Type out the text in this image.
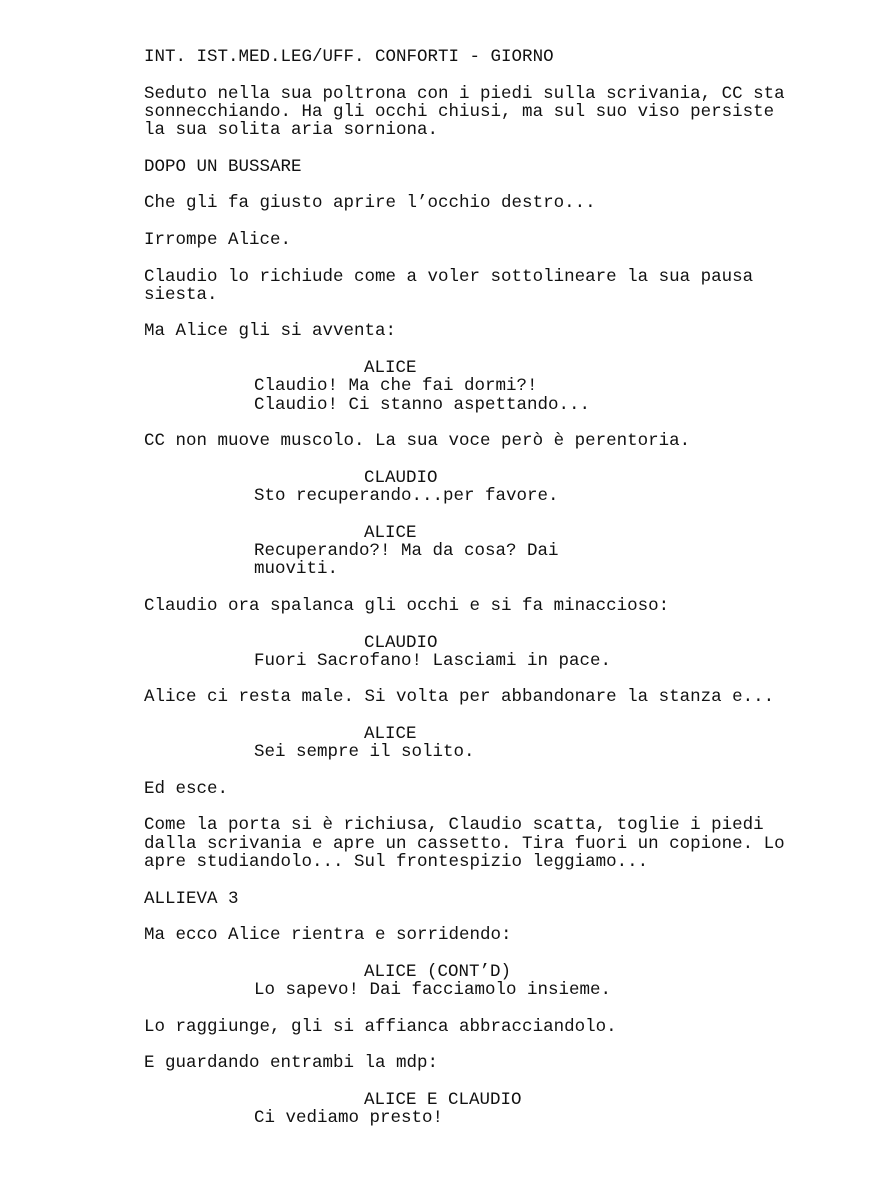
INT. IST.MED.LEG/UFF. CONFORTI - GIORNO
Seduto nella sua poltrona con i piedi sulla scrivania, CC sta
sonnecchiando. Ha gli occhi chiusi, ma sul suo viso persiste
la sua solita aria sorniona.
DOPO UN BUSSARE
Che gli fa giusto aprire l’occhio destro...
Irrompe Alice.
Claudio lo richiude come a voler sottolineare la sua pausa
siesta.
Ma Alice gli si avventa:
ALICE
Claudio! Ma che fai dormi?!
Claudio! Ci stanno aspettando...
CC non muove muscolo. La sua voce però è perentoria.
CLAUDIO
Sto recuperando...per favore.
ALICE
Recuperando?! Ma da cosa? Dai
muoviti.
Claudio ora spalanca gli occhi e si fa minaccioso:
CLAUDIO
Fuori Sacrofano! Lasciami in pace.
Alice ci resta male. Si volta per abbandonare la stanza e...
ALICE
Sei sempre il solito.
Ed esce.
Come la porta si è richiusa, Claudio scatta, toglie i piedi
dalla scrivania e apre un cassetto. Tira fuori un copione. Lo
apre studiandolo... Sul frontespizio leggiamo...
ALLIEVA 3
Ma ecco Alice rientra e sorridendo:
ALICE (CONT’D)
Lo sapevo! Dai facciamolo insieme.
Lo raggiunge, gli si affianca abbracciandolo.
E guardando entrambi la mdp:
ALICE E CLAUDIO
Ci vediamo presto!
